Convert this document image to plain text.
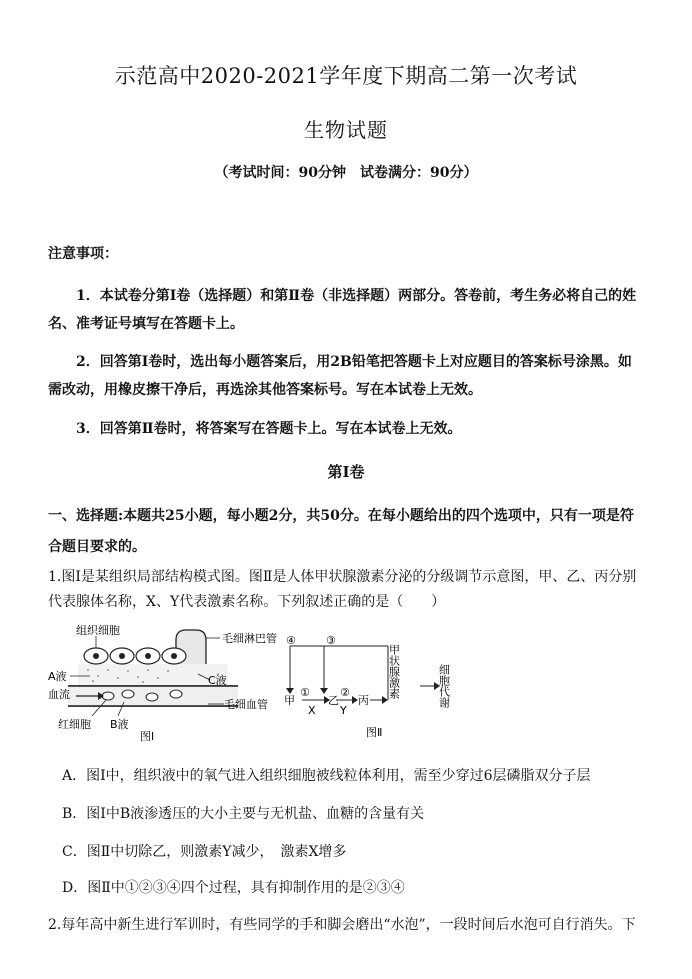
示范高中2020-2021学年度下期高二第一次考试
生物试题
（考试时间：90分钟　试卷满分：90分）
注意事项：
1．本试卷分第Ⅰ卷（选择题）和第Ⅱ卷（非选择题）两部分。答卷前，考生务必将自己的姓
名、准考证号填写在答题卡上。
2．回答第Ⅰ卷时，选出每小题答案后，用2B铅笔把答题卡上对应题目的答案标号涂黑。如
需改动，用橡皮擦干净后，再选涂其他答案标号。写在本试卷上无效。
3．回答第Ⅱ卷时，将答案写在答题卡上。写在本试卷上无效。
第Ⅰ卷
一、选择题:本题共25小题，每小题2分，共50分。在每小题给出的四个选项中，只有一项是符
合题目要求的。
1.图Ⅰ是某组织局部结构模式图。图Ⅱ是人体甲状腺激素分泌的分级调节示意图，甲、乙、丙分别
代表腺体名称，X、Y代表激素名称。下列叙述正确的是（　　）
组织细胞
毛细淋巴管
A液
血流
C液
毛细血管
红细胞 B液
图Ⅰ
④	③
①	②
甲	乙 丙
X Y
甲状腺激素	细胞代谢
图Ⅱ
A．图Ⅰ中，组织液中的氧气进入组织细胞被线粒体利用，需至少穿过6层磷脂双分子层
B．图Ⅰ中B液渗透压的大小主要与无机盐、血糖的含量有关
C．图Ⅱ中切除乙，则激素Y减少，　激素X增多
D．图Ⅱ中①②③④四个过程，具有抑制作用的是②③④
2.每年高中新生进行军训时，有些同学的手和脚会磨出“水泡”，一段时间后水泡可自行消失。下
